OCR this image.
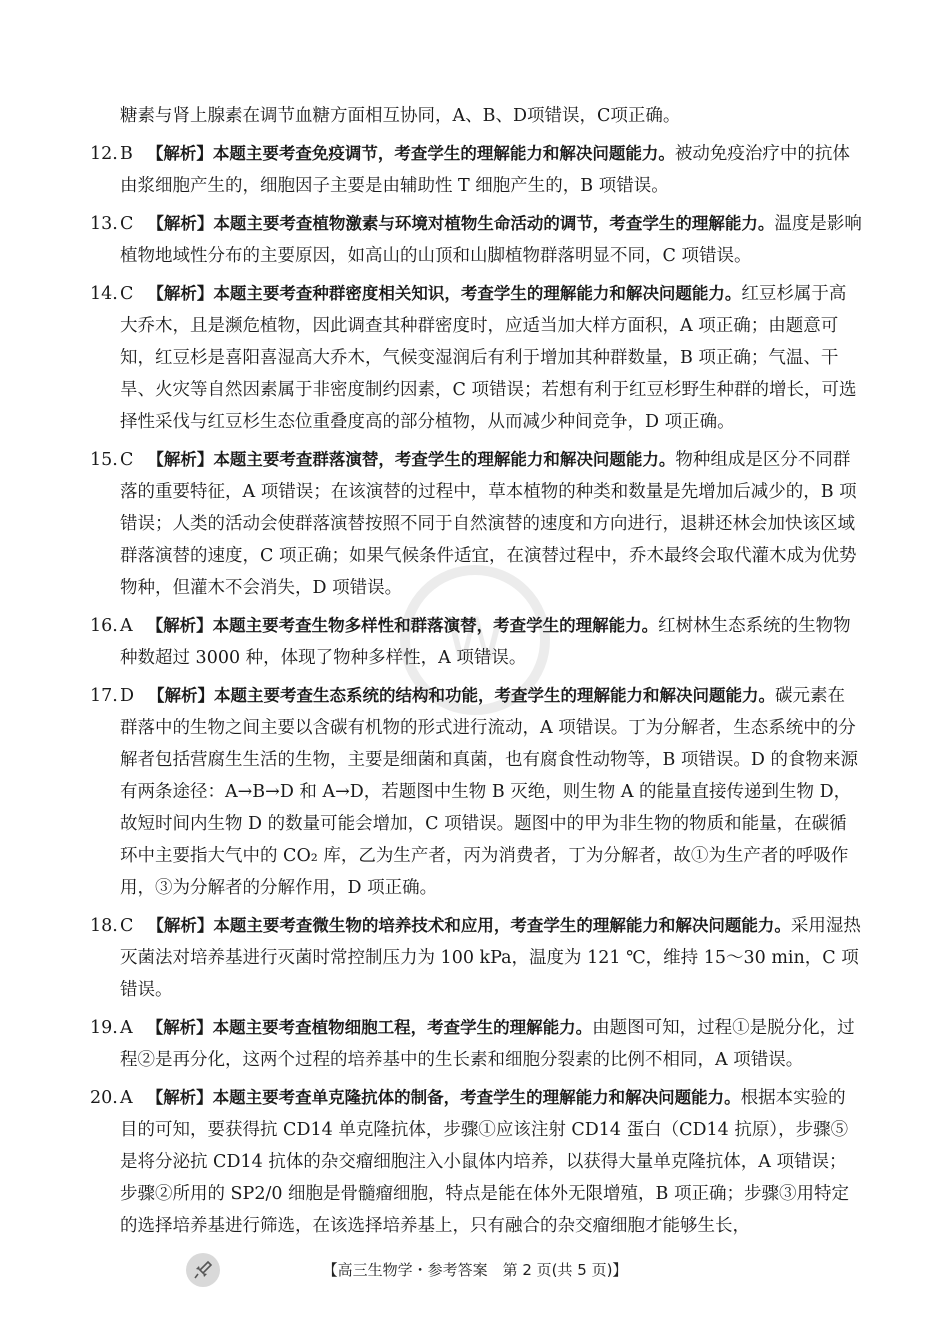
W
糖素与肾上腺素在调节血糖方面相互协同，A、B、D项错误，C项正确。
12. B 【解析】本题主要考查免疫调节，考查学生的理解能力和解决问题能力。被动免疫治疗中的抗体由浆细胞产生的，细胞因子主要是由辅助性 T 细胞产生的，B 项错误。
13. C 【解析】本题主要考查植物激素与环境对植物生命活动的调节，考查学生的理解能力。温度是影响植物地域性分布的主要原因，如高山的山顶和山脚植物群落明显不同，C 项错误。
14. C 【解析】本题主要考查种群密度相关知识，考查学生的理解能力和解决问题能力。红豆杉属于高大乔木，且是濒危植物，因此调查其种群密度时，应适当加大样方面积，A 项正确；由题意可知，红豆杉是喜阳喜湿高大乔木，气候变湿润后有利于增加其种群数量，B 项正确；气温、干旱、火灾等自然因素属于非密度制约因素，C 项错误；若想有利于红豆杉野生种群的增长，可选择性采伐与红豆杉生态位重叠度高的部分植物，从而减少种间竞争，D 项正确。
15. C 【解析】本题主要考查群落演替，考查学生的理解能力和解决问题能力。物种组成是区分不同群落的重要特征，A 项错误；在该演替的过程中，草本植物的种类和数量是先增加后减少的，B 项错误；人类的活动会使群落演替按照不同于自然演替的速度和方向进行，退耕还林会加快该区域群落演替的速度，C 项正确；如果气候条件适宜，在演替过程中，乔木最终会取代灌木成为优势物种，但灌木不会消失，D 项错误。
16. A 【解析】本题主要考查生物多样性和群落演替，考查学生的理解能力。红树林生态系统的生物物种数超过 3000 种，体现了物种多样性，A 项错误。
17. D 【解析】本题主要考查生态系统的结构和功能，考查学生的理解能力和解决问题能力。碳元素在群落中的生物之间主要以含碳有机物的形式进行流动，A 项错误。丁为分解者，生态系统中的分解者包括营腐生生活的生物，主要是细菌和真菌，也有腐食性动物等，B 项错误。D 的食物来源有两条途径：A→B→D 和 A→D，若题图中生物 B 灭绝，则生物 A 的能量直接传递到生物 D，故短时间内生物 D 的数量可能会增加，C 项错误。题图中的甲为非生物的物质和能量，在碳循环中主要指大气中的 CO₂ 库，乙为生产者，丙为消费者，丁为分解者，故①为生产者的呼吸作用，③为分解者的分解作用，D 项正确。
18. C 【解析】本题主要考查微生物的培养技术和应用，考查学生的理解能力和解决问题能力。采用湿热灭菌法对培养基进行灭菌时常控制压力为 100 kPa，温度为 121 ℃，维持 15～30 min，C 项错误。
19. A 【解析】本题主要考查植物细胞工程，考查学生的理解能力。由题图可知，过程①是脱分化，过程②是再分化，这两个过程的培养基中的生长素和细胞分裂素的比例不相同，A 项错误。
20. A 【解析】本题主要考查单克隆抗体的制备，考查学生的理解能力和解决问题能力。根据本实验的目的可知，要获得抗 CD14 单克隆抗体，步骤①应该注射 CD14 蛋白（CD14 抗原），步骤⑤是将分泌抗 CD14 抗体的杂交瘤细胞注入小鼠体内培养，以获得大量单克隆抗体，A 项错误；步骤②所用的 SP2/0 细胞是骨髓瘤细胞，特点是能在体外无限增殖，B 项正确；步骤③用特定的选择培养基进行筛选，在该选择培养基上，只有融合的杂交瘤细胞才能够生长，
【高三生物学・参考答案　第 2 页(共 5 页)】
